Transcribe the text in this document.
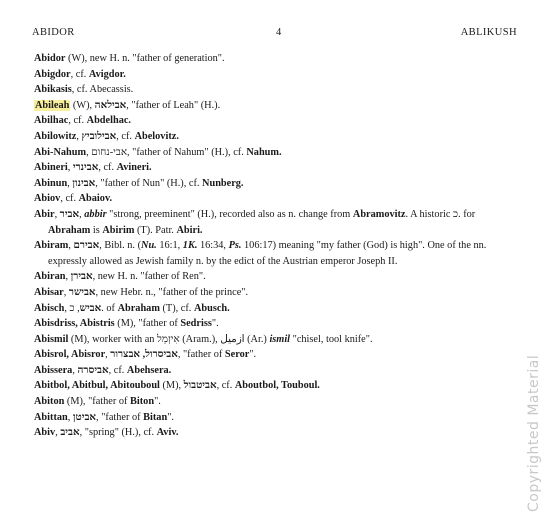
ABIDOR	4	ABLIKUSH

Abidor (W), new H. n. "father of generation".

Abigdor, cf. Avigdor.

Abikasis, cf. Abecassis.

Abileah (W), אבילאה, "father of Leah" (H.).

Abilhac, cf. Abdelhac.

Abilowitz, אבילוביץ, cf. Abelovitz.

Abi-Nahum, אבי-נחום, "father of Nahum" (H.), cf. Nahum.

Abineri, אבינרי, cf. Avineri.

Abinun, אבינון, "father of Nun" (H.), cf. Nunberg.

Abiov, cf. Abaiov.

Abir, אביר, abbir "strong, preeminent" (H.), recorded also as n. change from Abramovitz. A historic כ. for Abraham is Abirim (T). Patr. Abiri.

Abiram, אבירם, Bibl. n. (Nu. 16:1, 1K. 16:34, Ps. 106:17) meaning "my father (God) is high". One of the nn. expressly allowed as Jewish family n. by the edict of the Austrian emperor Joseph II.

Abiran, אבירן, new H. n. "father of Ren".

Abisar, אבישר, new Hebr. n., "father of the prince".

Abisch, אביש, כ. of Abraham (T), cf. Abusch.

Abisdriss, Abistris (M), "father of Sedriss".

Abismil (M), worker with an אִיזְמֵל (Aram.), ازميل (Ar.) ismil "chisel, tool knife".

Abisrol, Abisror, אביסרול, אבצרור, "father of Seror".

Abissera, אביסרה, cf. Abehsera.

Abitbol, Abitbul, Abitouboul (M), אביטבול, cf. Aboutbol, Touboul.

Abiton (M), "father of Biton".

Abittan, אביטן, "father of Bitan".

Abiv, אביב, "spring" (H.), cf. Aviv.	Copyrighted Material
